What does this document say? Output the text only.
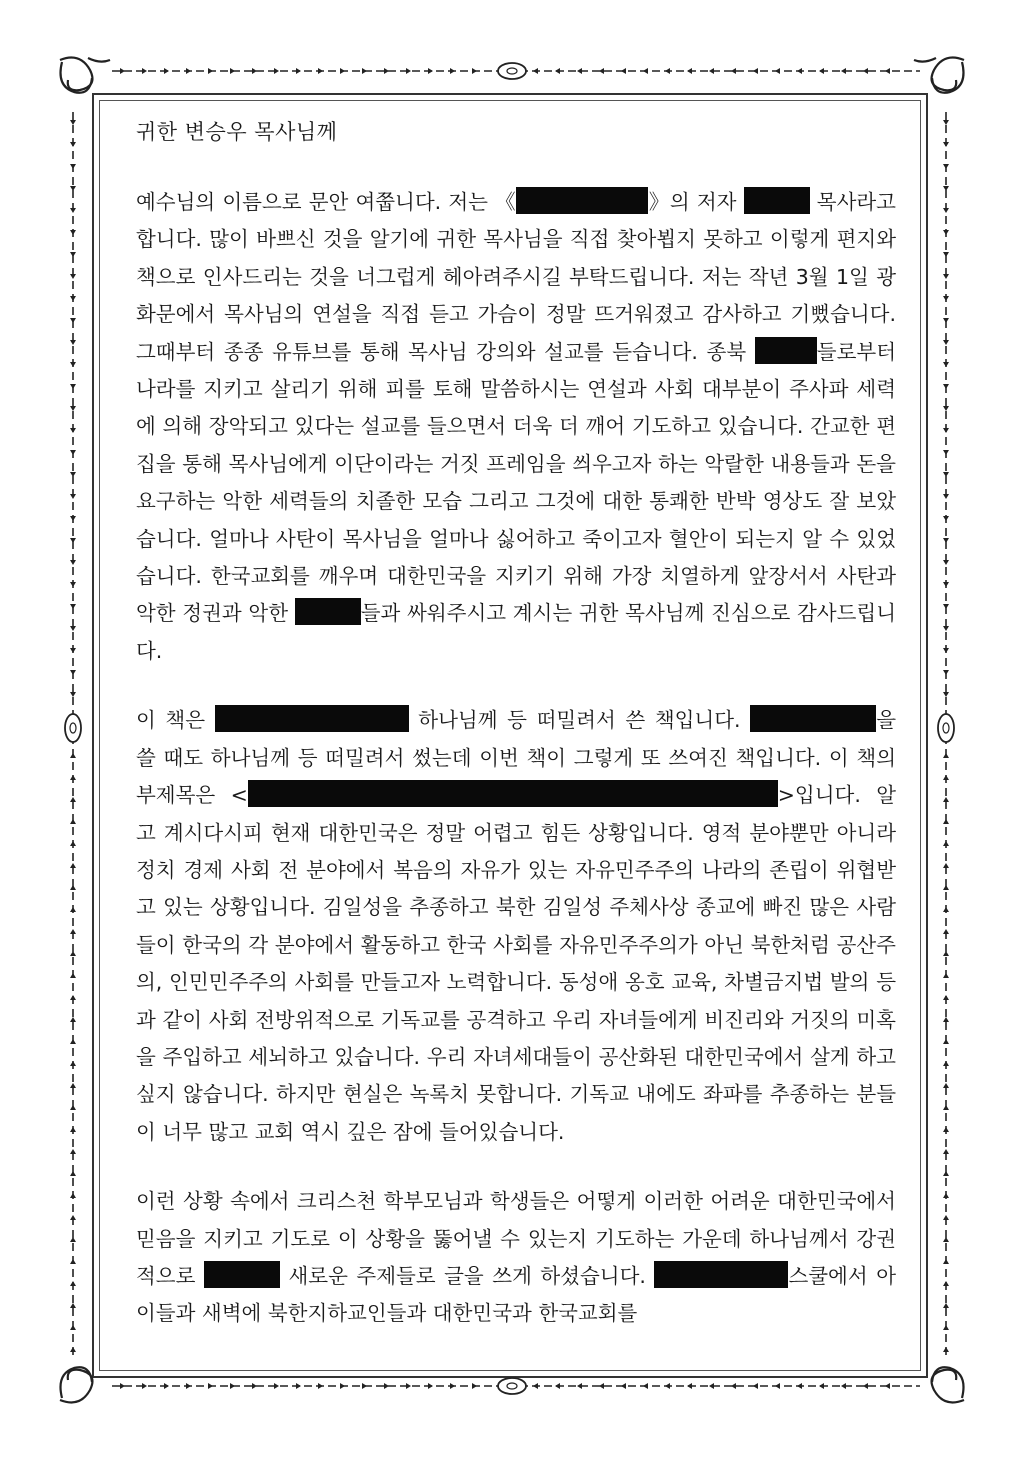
귀한 변승우 목사님께
예수님의 이름으로 문안 여쭙니다. 저는 《	》의 저자	목사라고 합니다. 많이 바쁘신 것을 알기에 귀한 목사님을 직접 찾아뵙지 못하고 이렇게 편지와 책으로 인사드리는 것을 너그럽게 헤아려주시길 부탁드립니다. 저는 작년 3월 1일 광화문에서 목사님의 연설을 직접 듣고 가슴이 정말 뜨거워졌고 감사하고 기뻤습니다. 그때부터 종종 유튜브를 통해 목사님 강의와 설교를 듣습니다. 종북	들로부터 나라를 지키고 살리기 위해 피를 토해 말씀하시는 연설과 사회 대부분이 주사파 세력에 의해 장악되고 있다는 설교를 들으면서 더욱 더 깨어 기도하고 있습니다. 간교한 편집을 통해 목사님에게 이단이라는 거짓 프레임을 씌우고자 하는 악랄한 내용들과 돈을 요구하는 악한 세력들의 치졸한 모습 그리고 그것에 대한 통쾌한 반박 영상도 잘 보았습니다. 얼마나 사탄이 목사님을 얼마나 싫어하고 죽이고자 혈안이 되는지 알 수 있었습니다. 한국교회를 깨우며 대한민국을 지키기 위해 가장 치열하게 앞장서서 사탄과 악한 정권과 악한	들과 싸워주시고 계시는 귀한 목사님께 진심으로 감사드립니다.
이 책은	하나님께 등 떠밀려서 쓴 책입니다.	을 쓸 때도 하나님께 등 떠밀려서 썼는데 이번 책이 그렇게 또 쓰여진 책입니다. 이 책의 부제목은 <	>입니다. 알고 계시다시피 현재 대한민국은 정말 어렵고 힘든 상황입니다. 영적 분야뿐만 아니라 정치 경제 사회 전 분야에서 복음의 자유가 있는 자유민주주의 나라의 존립이 위협받고 있는 상황입니다. 김일성을 추종하고 북한 김일성 주체사상 종교에 빠진 많은 사람들이 한국의 각 분야에서 활동하고 한국 사회를 자유민주주의가 아닌 북한처럼 공산주의, 인민민주주의 사회를 만들고자 노력합니다. 동성애 옹호 교육, 차별금지법 발의 등과 같이 사회 전방위적으로 기독교를 공격하고 우리 자녀들에게 비진리와 거짓의 미혹을 주입하고 세뇌하고 있습니다. 우리 자녀세대들이 공산화된 대한민국에서 살게 하고 싶지 않습니다. 하지만 현실은 녹록치 못합니다. 기독교 내에도 좌파를 추종하는 분들이 너무 많고 교회 역시 깊은 잠에 들어있습니다.
이런 상황 속에서 크리스천 학부모님과 학생들은 어떻게 이러한 어려운 대한민국에서 믿음을 지키고 기도로 이 상황을 뚫어낼 수 있는지 기도하는 가운데 하나님께서 강권적으로	새로운 주제들로 글을 쓰게 하셨습니다.	스쿨에서 아이들과 새벽에 북한지하교인들과 대한민국과 한국교회를
